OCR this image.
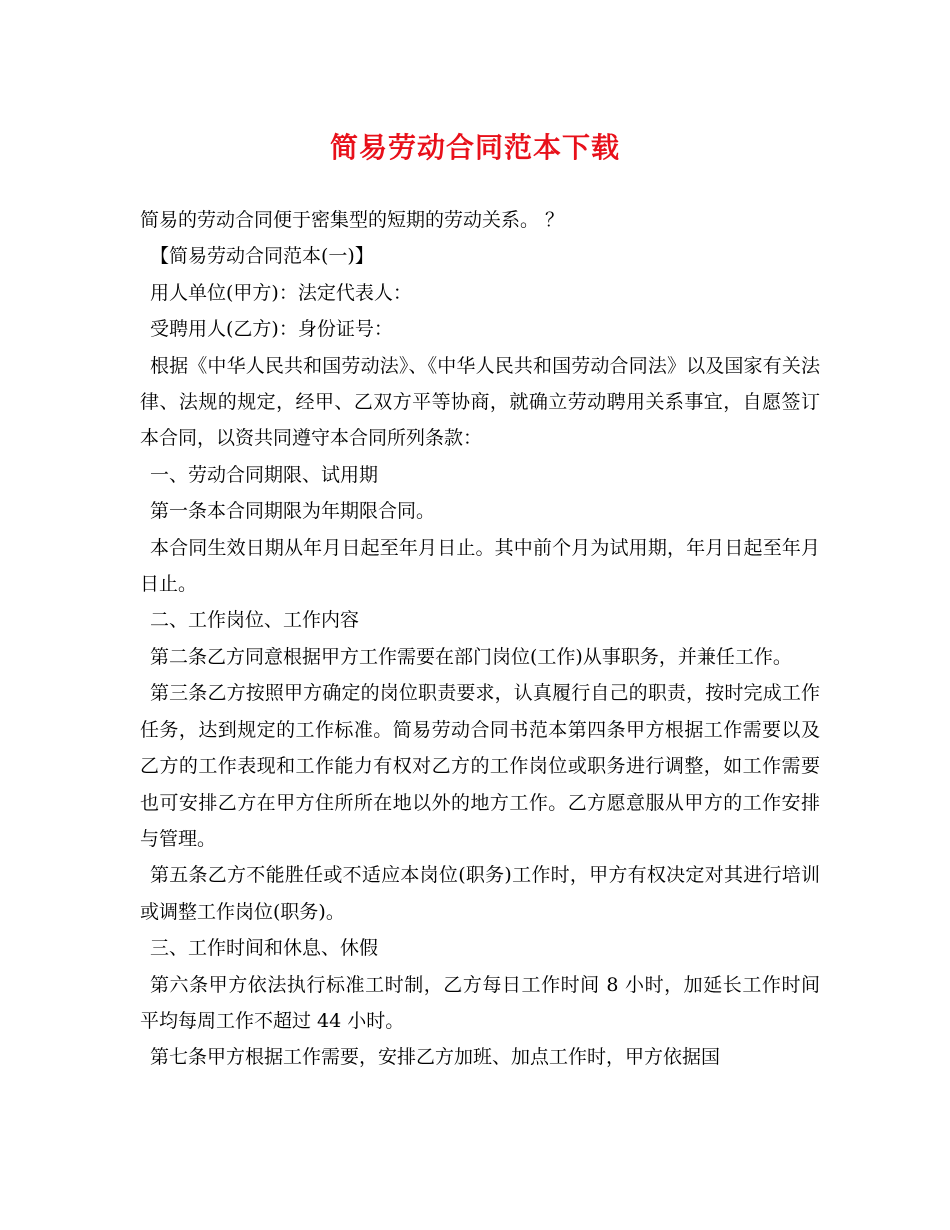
简易劳动合同范本下载

简易的劳动合同便于密集型的短期的劳动关系。 ？

【简易劳动合同范本(一)】

用人单位(甲方)：法定代表人：

受聘用人(乙方)：身份证号：

根据《中华人民共和国劳动法》、《中华人民共和国劳动合同法》以及国家有关法律、法规的规定，经甲、乙双方平等协商，就确立劳动聘用关系事宜，自愿签订本合同，以资共同遵守本合同所列条款：

一、劳动合同期限、试用期

第一条本合同期限为年期限合同。

本合同生效日期从年月日起至年月日止。其中前个月为试用期，年月日起至年月日止。

二、工作岗位、工作内容

第二条乙方同意根据甲方工作需要在部门岗位(工作)从事职务，并兼任工作。

第三条乙方按照甲方确定的岗位职责要求，认真履行自己的职责，按时完成工作任务，达到规定的工作标准。简易劳动合同书范本第四条甲方根据工作需要以及乙方的工作表现和工作能力有权对乙方的工作岗位或职务进行调整，如工作需要也可安排乙方在甲方住所所在地以外的地方工作。乙方愿意服从甲方的工作安排与管理。

第五条乙方不能胜任或不适应本岗位(职务)工作时，甲方有权决定对其进行培训或调整工作岗位(职务)。

三、工作时间和休息、休假

第六条甲方依法执行标准工时制，乙方每日工作时间 8 小时，加延长工作时间平均每周工作不超过 44 小时。

第七条甲方根据工作需要，安排乙方加班、加点工作时，甲方依据国
